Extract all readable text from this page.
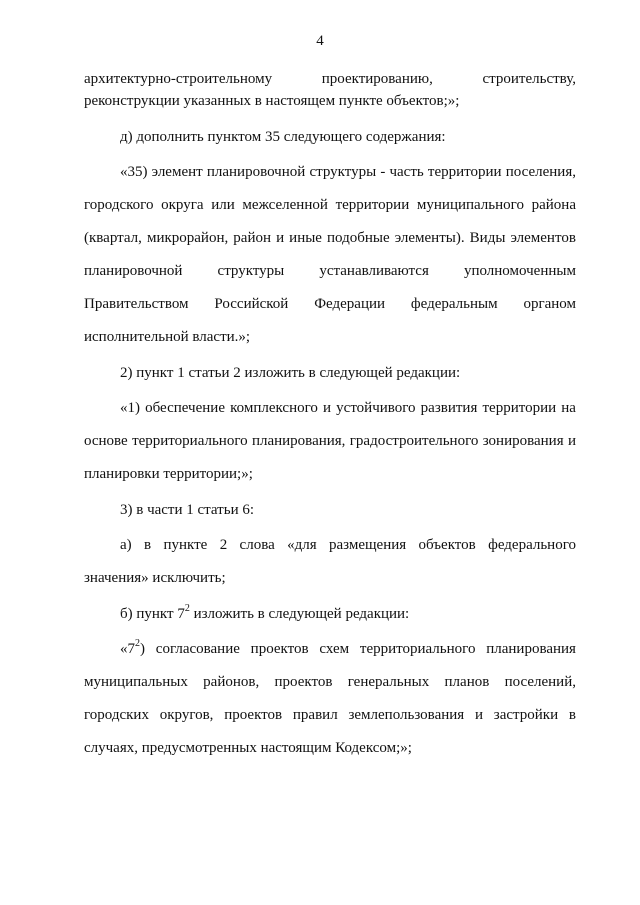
4
архитектурно-строительному	проектированию,	строительству,
реконструкции указанных в настоящем пункте объектов;»;
д) дополнить пунктом 35 следующего содержания:
«35) элемент планировочной структуры - часть территории поселения,
городского округа или межселенной территории муниципального района
(квартал, микрорайон, район и иные подобные элементы). Виды элементов
планировочной структуры устанавливаются уполномоченным
Правительством Российской Федерации федеральным органом
исполнительной власти.»;
2) пункт 1 статьи 2 изложить в следующей редакции:
«1) обеспечение комплексного и устойчивого развития территории на
основе территориального планирования, градостроительного зонирования и
планировки территории;»;
3) в части 1 статьи 6:
а) в пункте 2 слова «для размещения объектов федерального
значения» исключить;
б) пункт $7^2$ изложить в следующей редакции:
«$7^2$) согласование проектов схем территориального планирования
муниципальных районов, проектов генеральных планов поселений,
городских округов, проектов правил землепользования и застройки в
случаях, предусмотренных настоящим Кодексом;»;
